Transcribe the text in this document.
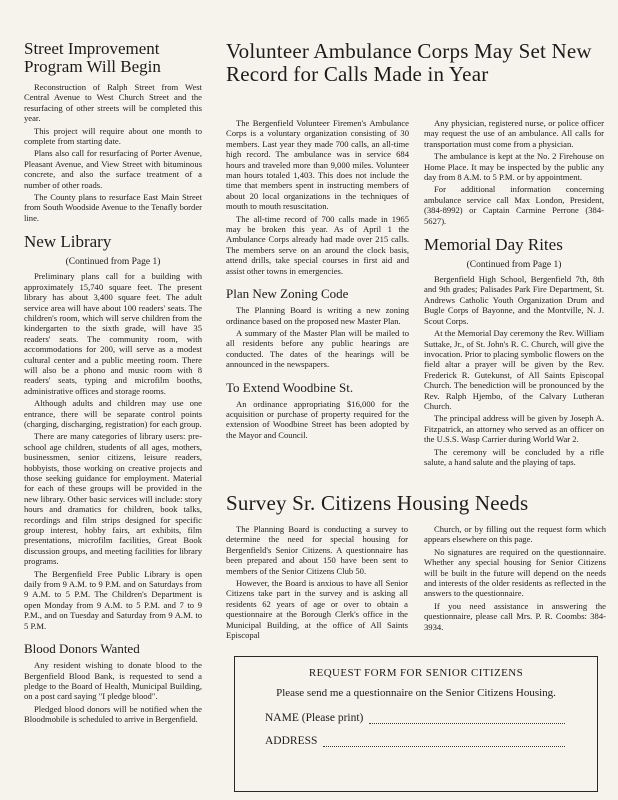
Street Improvement Program Will Begin

Reconstruction of Ralph Street from West Central Avenue to West Church Street and the resurfacing of other streets will be completed this year.

This project will require about one month to complete from starting date.

Plans also call for resurfacing of Porter Avenue, Pleasant Avenue, and View Street with bituminous concrete, and also the surface treatment of a number of other roads.

The County plans to resurface East Main Street from South Woodside Avenue to the Tenafly border line.

New Library
(Continued from Page 1)

Preliminary plans call for a building with approximately 15,740 square feet. The present library has about 3,400 square feet. The adult service area will have about 100 readers' seats. The children's room, which will serve children from the kindergarten to the sixth grade, will have 35 readers' seats. The community room, with accommodations for 200, will serve as a modest cultural center and a public meeting room. There will also be a phono and music room with 8 readers' seats, typing and microfilm booths, administrative offices and storage rooms.

Although adults and children may use one entrance, there will be separate control points (charging, discharging, registration) for each group.

There are many categories of library users: pre-school age children, students of all ages, mothers, businessmen, senior citizens, leisure readers, hobbyists, those working on creative projects and those seeking guidance for employment. Material for each of these groups will be provided in the new library. Other basic services will include: story hours and dramatics for children, book talks, recordings and film strips designed for specific group interest, hobby fairs, art exhibits, film presentations, microfilm facilities, Great Book discussion groups, and meeting facilities for library programs.

The Bergenfield Free Public Library is open daily from 9 A.M. to 9 P.M. and on Saturdays from 9 A.M. to 5 P.M. The Children's Department is open Monday from 9 A.M. to 5 P.M. and 7 to 9 P.M., and on Tuesday and Saturday from 9 A.M. to 5 P.M.

Blood Donors Wanted

Any resident wishing to donate blood to the Bergenfield Blood Bank, is requested to send a pledge to the Board of Health, Municipal Building, on a post card saying "I pledge blood".

Pledged blood donors will be notified when the Bloodmobile is scheduled to arrive in Bergenfield.

Volunteer Ambulance Corps May Set New Record for Calls Made in Year

The Bergenfield Volunteer Firemen's Ambulance Corps is a voluntary organization consisting of 30 members. Last year they made 700 calls, an all-time high record. The ambulance was in service 684 hours and traveled more than 9,000 miles. Volunteer man hours totaled 1,403. This does not include the time that members spent in instructing members of about 20 local organizations in the techniques of mouth to mouth resuscitation.

The all-time record of 700 calls made in 1965 may be broken this year. As of April 1 the Ambulance Corps already had made over 215 calls. The members serve on an around the clock basis, attend drills, take special courses in first aid and assist other towns in emergencies.

Plan New Zoning Code

The Planning Board is writing a new zoning ordinance based on the proposed new Master Plan.

A summary of the Master Plan will be mailed to all residents before any public hearings are conducted. The dates of the hearings will be announced in the newspapers.

To Extend Woodbine St.

An ordinance appropriating $16,000 for the acquisition or purchase of property required for the extension of Woodbine Street has been adopted by the Mayor and Council.

Any physician, registered nurse, or police officer may request the use of an ambulance. All calls for transportation must come from a physician.

The ambulance is kept at the No. 2 Firehouse on Home Place. It may be inspected by the public any day from 8 A.M. to 5 P.M. or by appointment.

For additional information concerning ambulance service call Max London, President, (384-8992) or Captain Carmine Perrone (384-5627).

Memorial Day Rites
(Continued from Page 1)

Bergenfield High School, Bergenfield 7th, 8th and 9th grades; Palisades Park Fire Department, St. Andrews Catholic Youth Organization Drum and Bugle Corps of Bayonne, and the Montville, N. J. Scout Corps.

At the Memorial Day ceremony the Rev. William Suttake, Jr., of St. John's R. C. Church, will give the invocation. Prior to placing symbolic flowers on the field altar a prayer will be given by the Rev. Frederick R. Gutekunst, of All Saints Episcopal Church. The benediction will be pronounced by the Rev. Ralph Hjembo, of the Calvary Lutheran Church.

The principal address will be given by Joseph A. Fitzpatrick, an attorney who served as an officer on the U.S.S. Wasp Carrier during World War 2.

The ceremony will be concluded by a rifle salute, a hand salute and the playing of taps.

Survey Sr. Citizens Housing Needs

The Planning Board is conducting a survey to determine the need for special housing for Bergenfield's Senior Citizens. A questionnaire has been prepared and about 150 have been sent to members of the Senior Citizens Club 50.

However, the Board is anxious to have all Senior Citizens take part in the survey and is asking all residents 62 years of age or over to obtain a questionnaire at the Borough Clerk's office in the Municipal Building, at the office of All Saints Episcopal

Church, or by filling out the request form which appears elsewhere on this page.

No signatures are required on the questionnaire. Whether any special housing for Senior Citizens will be built in the future will depend on the needs and interests of the older residents as reflected in the answers to the questionnaire.

If you need assistance in answering the questionnaire, please call Mrs. P. R. Coombs: 384-3934.

REQUEST FORM FOR SENIOR CITIZENS
Please send me a questionnaire on the Senior Citizens Housing.
NAME (Please print)
ADDRESS
